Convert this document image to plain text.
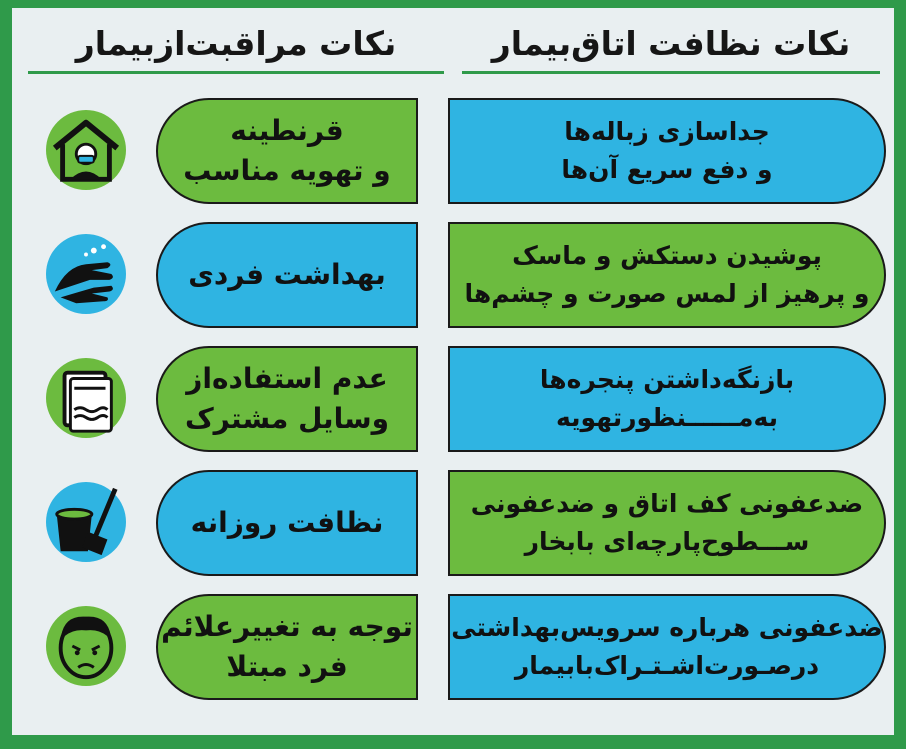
نکات نظافت اتاق‌بیمار
نکات مراقبت‌ازبیمار
جداسازی زباله‌ها
و دفع سریع آن‌ها
پوشیدن دستکش و ماسک
و پرهیز از لمس صورت و چشم‌ها
بازنگه‌داشتن پنجره‌ها
به‌مــــــنظورتهویه
ضدعفونی کف اتاق و ضدعفونی
ســـطوح‌پارچه‌ای بابخار
ضدعفونی هرباره سرویس‌بهداشتی
درصـورت‌اشـتـراک‌بابیمار
قرنطینه
و تهویه مناسب
بهداشت فردی
عدم استفاده‌از
وسایل مشترک
نظافت روزانه
توجه به تغییرعلائم
فرد مبتلا
